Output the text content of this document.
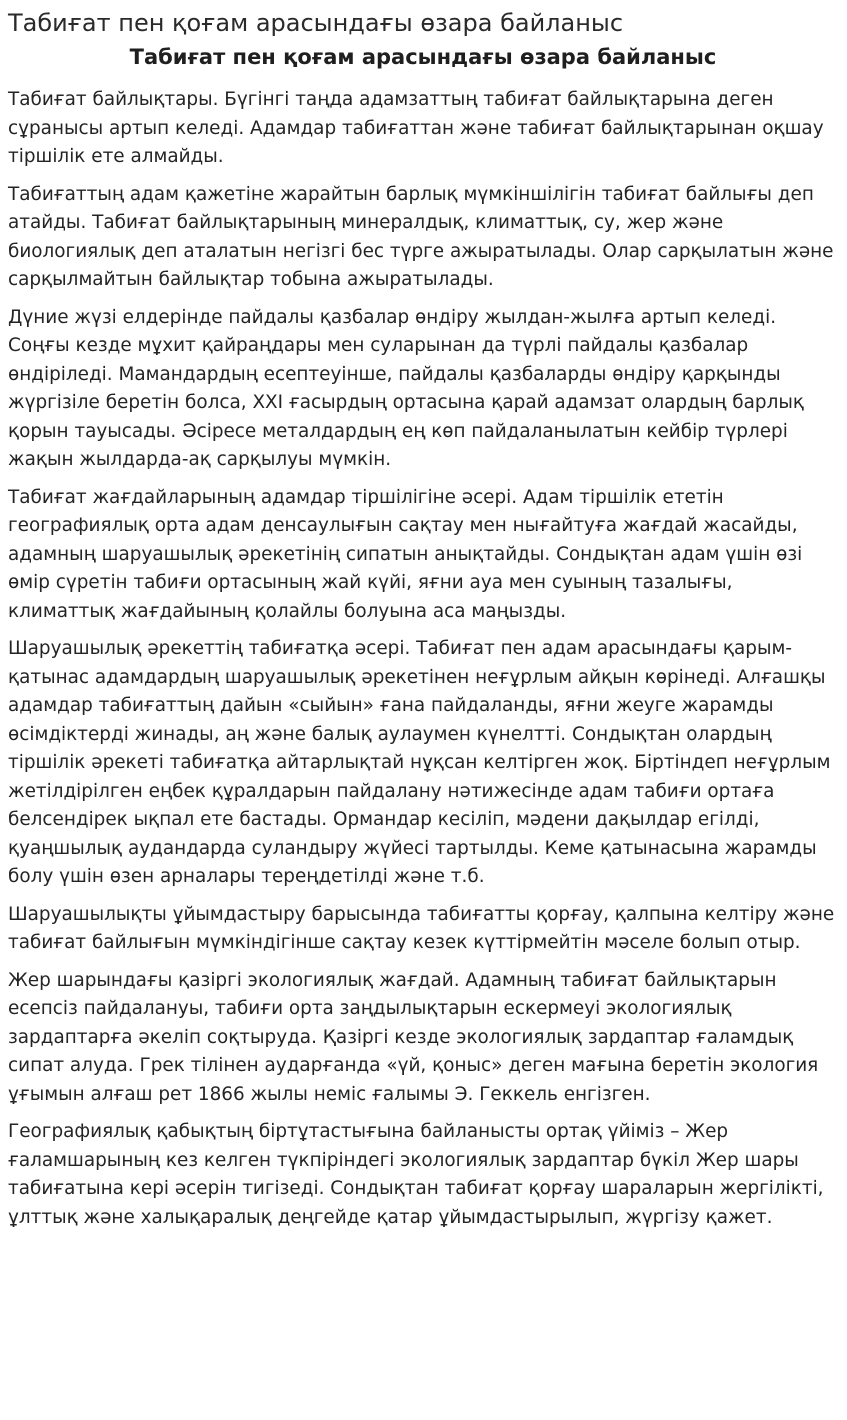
Табиғат пен қоғам арасындағы өзара байланыс
Табиғат пен қоғам арасындағы өзара байланыс

Табиғат байлықтары. Бүгінгі таңда адамзаттың табиғат байлықтарына деген сұранысы артып келеді. Адамдар табиғаттан және табиғат байлықтарынан оқшау тіршілік ете алмайды.

Табиғаттың адам қажетіне жарайтын барлық мүмкіншілігін табиғат байлығы деп атайды. Табиғат байлықтарының минералдық, климаттық, су, жер және биологиялық деп аталатын негізгі бес түрге ажыратылады. Олар сарқылатын және сарқылмайтын байлықтар тобына ажыратылады.

Дүние жүзі елдерінде пайдалы қазбалар өндіру жылдан-жылға артып келеді. Соңғы кезде мұхит қайраңдары мен суларынан да түрлі пайдалы қазбалар өндіріледі. Мамандардың есептеуінше, пайдалы қазбаларды өндіру қарқынды жүргізіле беретін болса, XXI ғасырдың ортасына қарай адамзат олардың барлық қорын тауысады. Әсіресе металдардың ең көп пайдаланылатын кейбір түрлері жақын жылдарда-ақ сарқылуы мүмкін.

Табиғат жағдайларының адамдар тіршілігіне әсері. Адам тіршілік ететін географиялық орта адам денсаулығын сақтау мен нығайтуға жағдай жасайды, адамның шаруашылық әрекетінің сипатын анықтайды. Сондықтан адам үшін өзі өмір сүретін табиғи ортасының жай күйі, яғни ауа мен суының тазалығы, климаттық жағдайының қолайлы болуына аса маңызды.

Шаруашылық әрекеттің табиғатқа әсері. Табиғат пен адам арасындағы қарым-қатынас адамдардың шаруашылық әрекетінен неғұрлым айқын көрінеді. Алғашқы адамдар табиғаттың дайын «сыйын» ғана пайдаланды, яғни жеуге жарамды өсімдіктерді жинады, аң және балық аулаумен күнелтті. Сондықтан олардың тіршілік әрекеті табиғатқа айтарлықтай нұқсан келтірген жоқ. Біртіндеп неғұрлым жетілдірілген еңбек құралдарын пайдалану нәтижесінде адам табиғи ортаға белсендірек ықпал ете бастады. Ормандар кесіліп, мәдени дақылдар егілді, қуаңшылық аудандарда суландыру жүйесі тартылды. Кеме қатынасына жарамды болу үшін өзен арналары тереңдетілді және т.б.

Шаруашылықты ұйымдастыру барысында табиғатты қорғау, қалпына келтіру және табиғат байлығын мүмкіндігінше сақтау кезек күттірмейтін мәселе болып отыр.

Жер шарындағы қазіргі экологиялық жағдай. Адамның табиғат байлықтарын есепсіз пайдалануы, табиғи орта заңдылықтарын ескермеуі экологиялық зардаптарға әкеліп соқтыруда. Қазіргі кезде экологиялық зардаптар ғаламдық сипат алуда. Грек тілінен аударғанда «үй, қоныс» деген мағына беретін экология ұғымын алғаш рет 1866 жылы неміс ғалымы Э. Геккель енгізген.

Географиялық қабықтың біртұтастығына байланысты ортақ үйіміз – Жер ғаламшарының кез келген түкпіріндегі экологиялық зардаптар бүкіл Жер шары табиғатына кері әсерін тигізеді. Сондықтан табиғат қорғау шараларын жергілікті, ұлттық және халықаралық деңгейде қатар ұйымдастырылып, жүргізу қажет.
